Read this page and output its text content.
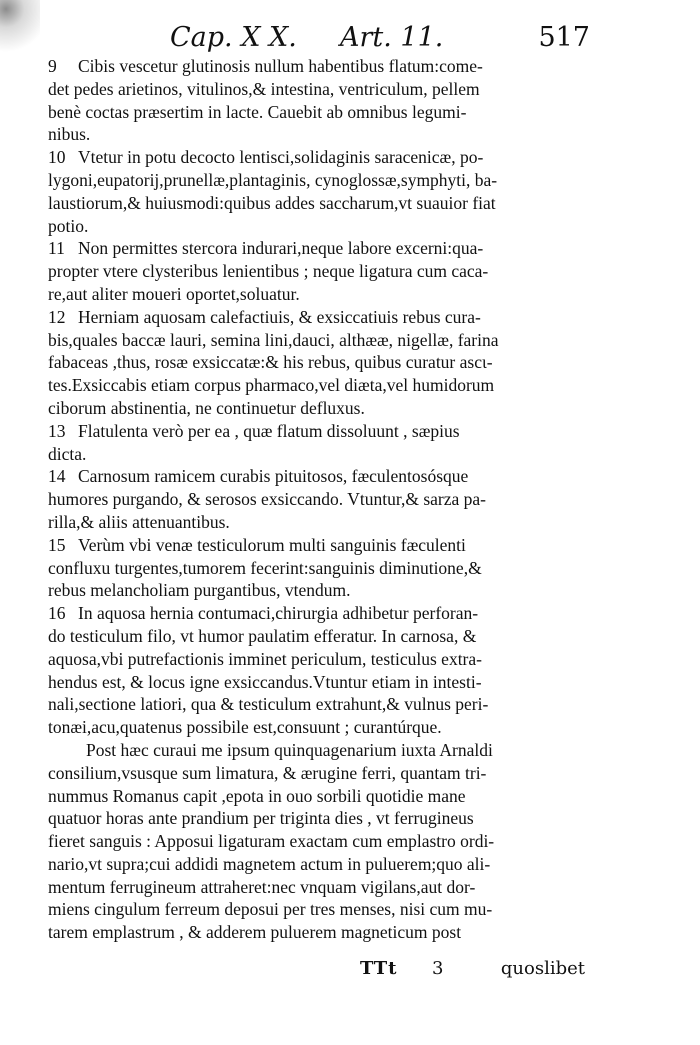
Cap. X X. Art. 11.	517
9 Cibis vescetur glutinosis nullum habentibus flatum:come-
det pedes arietinos, vitulinos,& intestina, ventriculum, pellem
benè coctas præsertim in lacte. Cauebit ab omnibus legumi-
nibus.
10 Vtetur in potu decocto lentisci,solidaginis saracenicæ, po-
lygoni,eupatorij,prunellæ,plantaginis, cynoglossæ,symphyti, ba-
laustiorum,& huiusmodi:quibus addes saccharum,vt suauior fiat
potio.
11 Non permittes stercora indurari,neque labore excerni:qua-
propter vtere clysteribus lenientibus ; neque ligatura cum caca-
re,aut aliter moueri oportet,soluatur.
12 Herniam aquosam calefactiuis, & exsiccatiuis rebus cura-
bis,quales baccæ lauri, semina lini,dauci, althææ, nigellæ, farina
fabaceas ,thus, rosæ exsiccatæ:& his rebus, quibus curatur ascι-
tes.Exsiccabis etiam corpus pharmaco,vel diæta,vel humidorum
ciborum abstinentia, ne continuetur defluxus.
13 Flatulenta verò per ea , quæ flatum dissoluunt , sæpius
dicta.
14 Carnosum ramicem curabis pituitosos, fæculentosósque
humores purgando, & serosos exsiccando. Vtuntur,& sarza pa-
rilla,& aliis attenuantibus.
15 Verùm vbi venæ testiculorum multi sanguinis fæculenti
confluxu turgentes,tumorem fecerint:sanguinis diminutione,&
rebus melancholiam purgantibus, vtendum.
16 In aquosa hernia contumaci,chirurgia adhibetur perforan-
do testiculum filo, vt humor paulatim efferatur. In carnosa, &
aquosa,vbi putrefactionis imminet periculum, testiculus extra-
hendus est, & locus igne exsiccandus.Vtuntur etiam in intesti-
nali,sectione latiori, qua & testiculum extrahunt,& vulnus peri-
tonæi,acu,quatenus possibile est,consuunt ; curantúrque.
Post hæc curaui me ipsum quinquagenarium iuxta Arnaldi
consilium,vsusque sum limatura, & ærugine ferri, quantam tri-
nummus Romanus capit ,epota in ouo sorbili quotidie mane
quatuor horas ante prandium per triginta dies , vt ferrugineus
fieret sanguis : Apposui ligaturam exactam cum emplastro ordi-
nario,vt supra;cui addidi magnetem actum in puluerem;quo ali-
mentum ferrugineum attraheret:nec vnquam vigilans,aut dor-
miens cingulum ferreum deposui per tres menses, nisi cum mu-
tarem emplastrum , & adderem puluerem magneticum post
TTt 3	quoslibet
